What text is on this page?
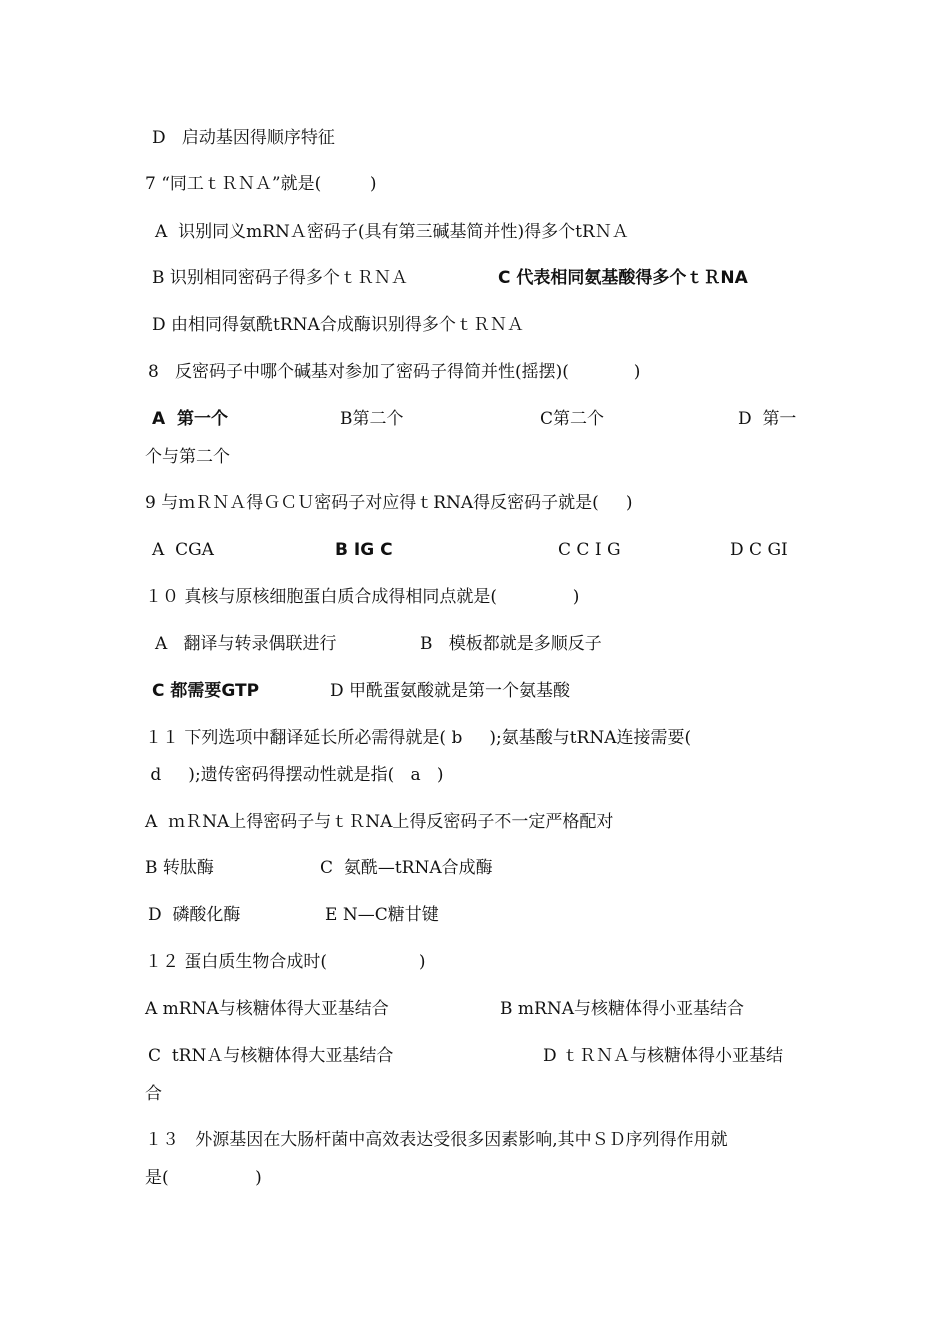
D   启动基因得顺序特征
7 “同工ｔＲＮＡ”就是(         )
A  识别同义mRNＡ密码子(具有第三碱基简并性)得多个tRＮＡ
B 识别相同密码子得多个ｔＲＮＡ	C 代表相同氨基酸得多个ｔＲNA
D 由相同得氨酰tRNA合成酶识别得多个ｔＲＮＡ
8   反密码子中哪个碱基对参加了密码子得简并性(摇摆)(            )
A  第一个	B第二个	C第二个	D  第一
个与第二个
9 与ｍＲＮＡ得ＧＣＵ密码子对应得ｔRNA得反密码子就是(     )
A  CGA	B IG C	C C I G	D C GI
１０ 真核与原核细胞蛋白质合成得相同点就是(              )
A   翻译与转录偶联进行	B   模板都就是多顺反子
C 都需要GTP	D 甲酰蛋氨酸就是第一个氨基酸
１１ 下列选项中翻译延长所必需得就是( b     );氨基酸与tRNA连接需要(
d     );遗传密码得摆动性就是指(   a   )
A  ｍＲNA上得密码子与ｔＲNA上得反密码子不一定严格配对
B 转肽酶	C  氨酰—tRNA合成酶
D  磷酸化酶	E N—C糖甘键
１２ 蛋白质生物合成时(                 )
A mRNA与核糖体得大亚基结合	B mRNA与核糖体得小亚基结合
C  tRNＡ与核糖体得大亚基结合	D ｔＲＮＡ与核糖体得小亚基结
合
１３   外源基因在大肠杆菌中高效表达受很多因素影响,其中ＳＤ序列得作用就
是(                )
